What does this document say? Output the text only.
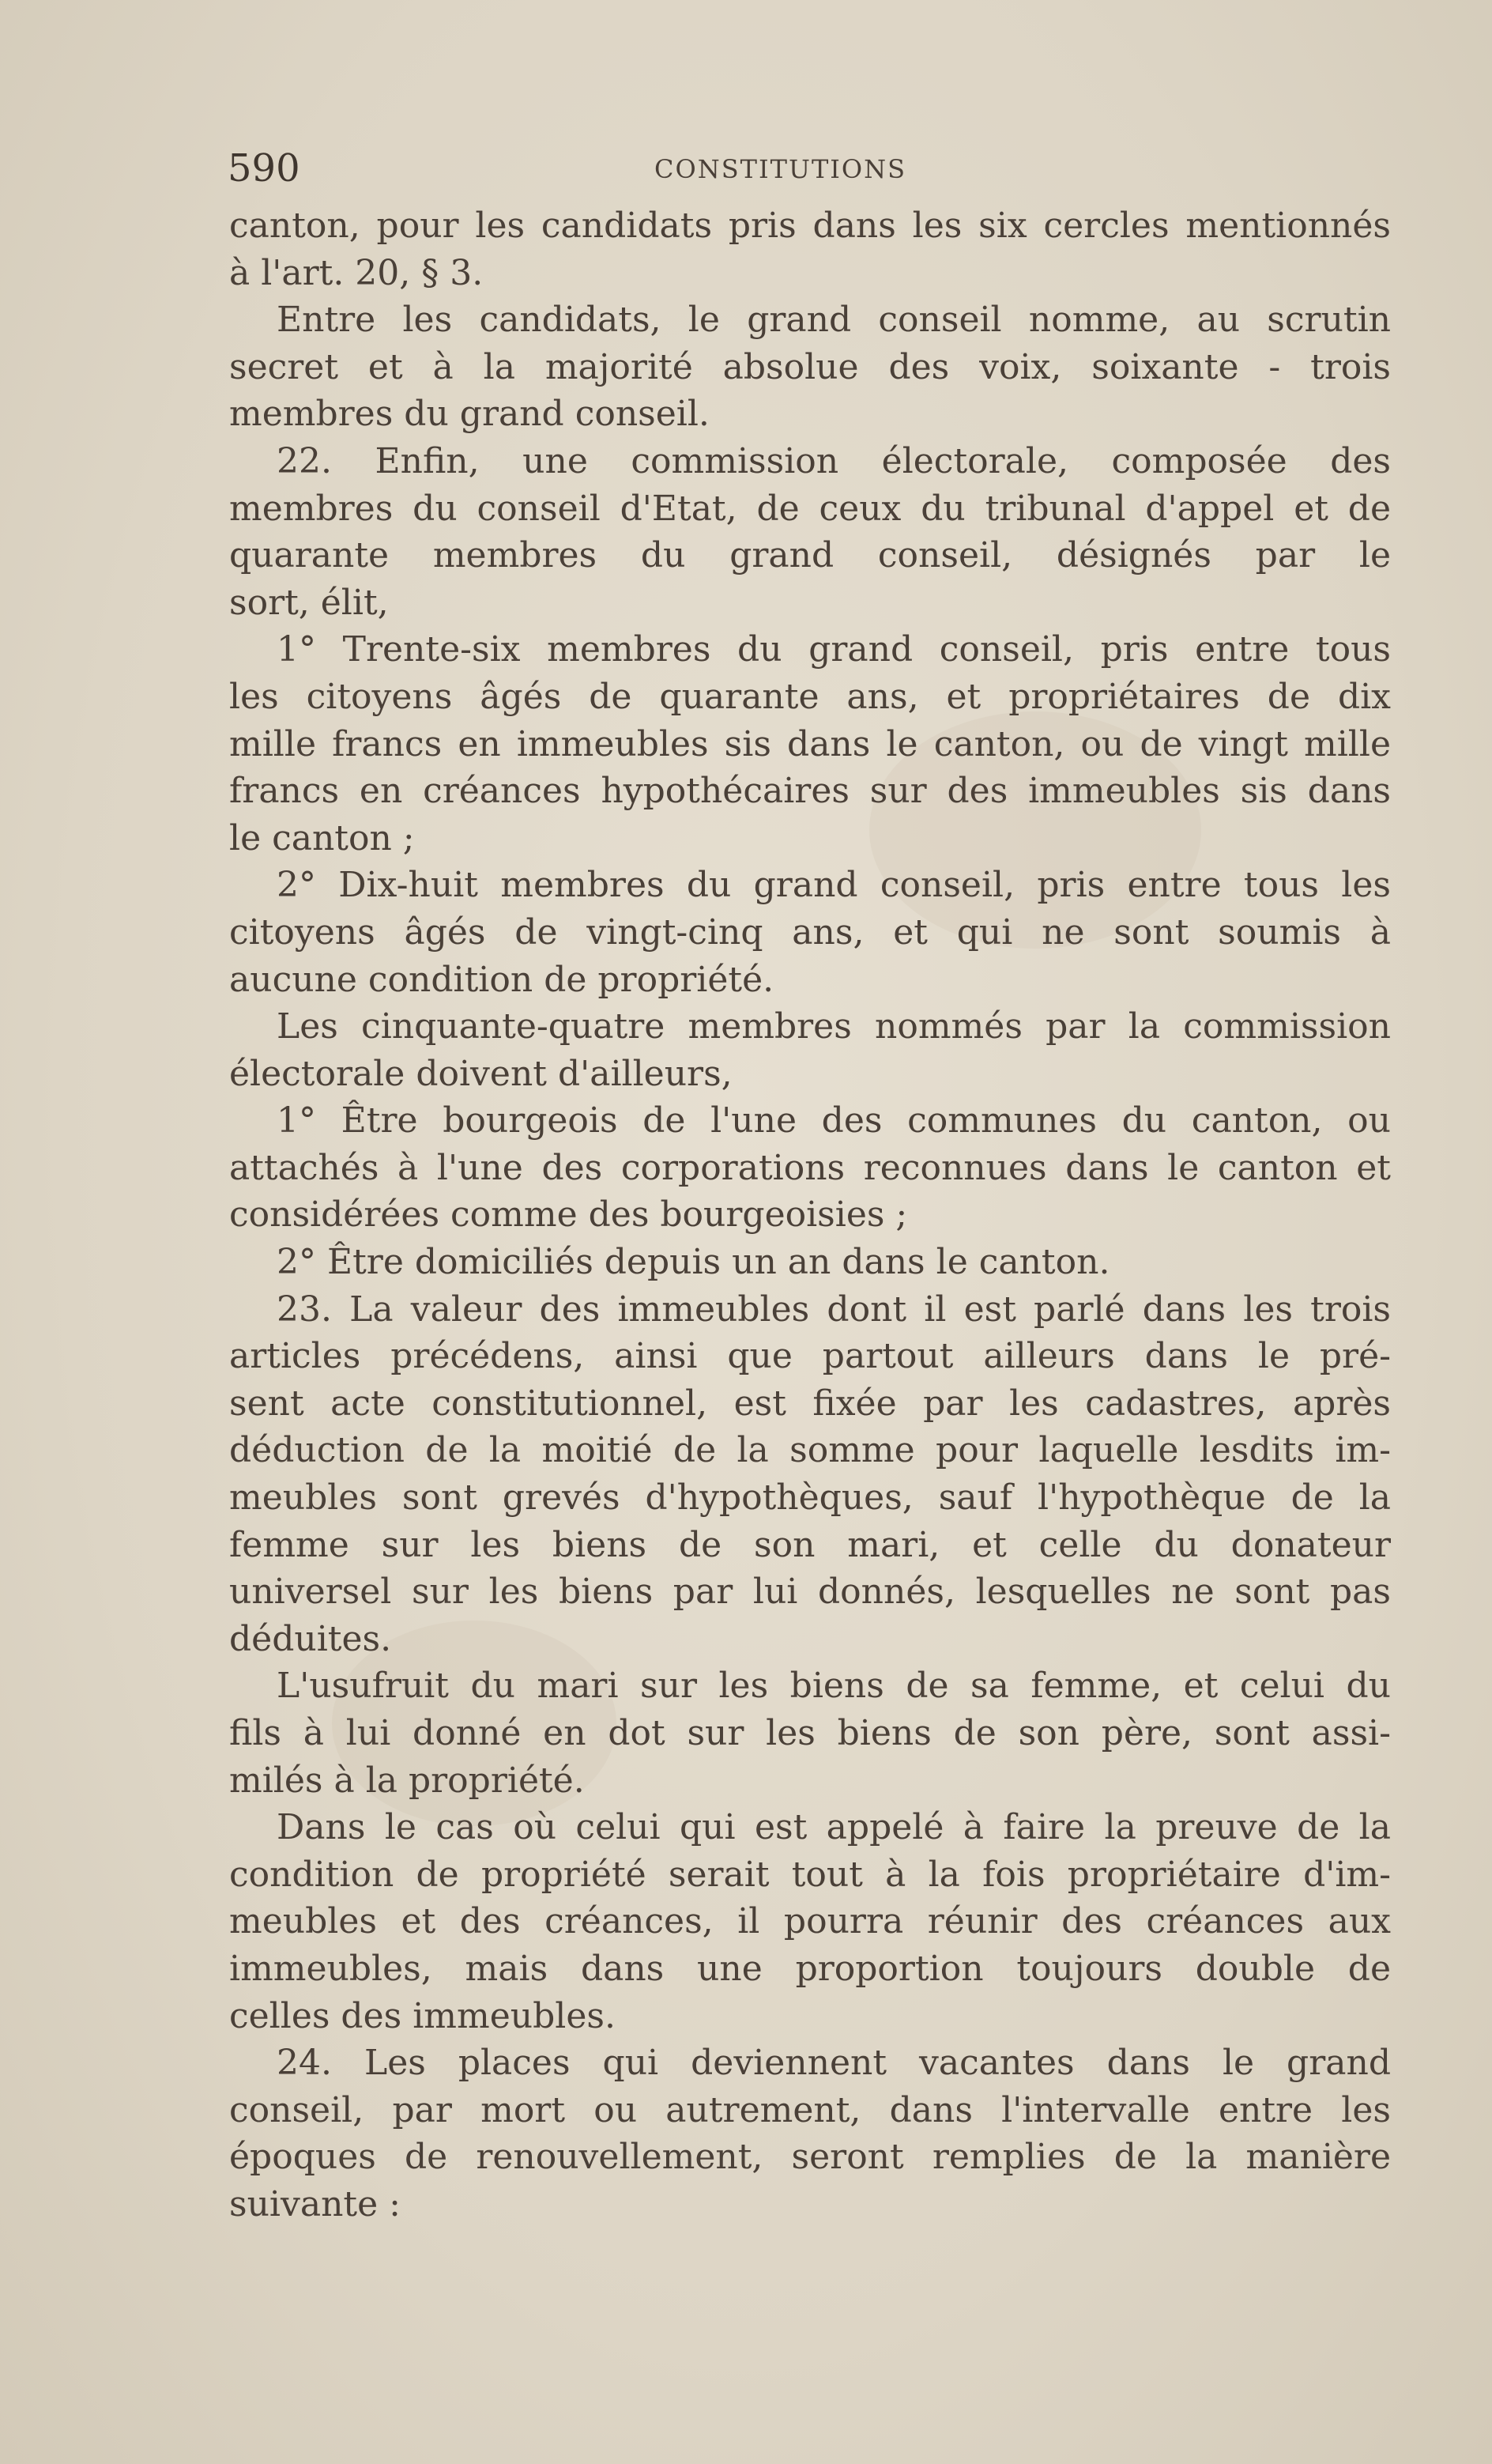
590	CONSTITUTIONS
canton, pour les candidats pris dans les six cercles mentionnés
à l'art. 20, § 3.
Entre les candidats, le grand conseil nomme, au scrutin
secret et à la majorité absolue des voix, soixante - trois
membres du grand conseil.
22. Enfin, une commission électorale, composée des
membres du conseil d'Etat, de ceux du tribunal d'appel et de
quarante membres du grand conseil, désignés par le
sort, élit,
1° Trente-six membres du grand conseil, pris entre tous
les citoyens âgés de quarante ans, et propriétaires de dix
mille francs en immeubles sis dans le canton, ou de vingt mille
francs en créances hypothécaires sur des immeubles sis dans
le canton ;
2° Dix-huit membres du grand conseil, pris entre tous les
citoyens âgés de vingt-cinq ans, et qui ne sont soumis à
aucune condition de propriété.
Les cinquante-quatre membres nommés par la commission
électorale doivent d'ailleurs,
1° Être bourgeois de l'une des communes du canton, ou
attachés à l'une des corporations reconnues dans le canton et
considérées comme des bourgeoisies ;
2° Être domiciliés depuis un an dans le canton.
23. La valeur des immeubles dont il est parlé dans les trois
articles précédens, ainsi que partout ailleurs dans le pré-
sent acte constitutionnel, est fixée par les cadastres, après
déduction de la moitié de la somme pour laquelle lesdits im-
meubles sont grevés d'hypothèques, sauf l'hypothèque de la
femme sur les biens de son mari, et celle du donateur
universel sur les biens par lui donnés, lesquelles ne sont pas
déduites.
L'usufruit du mari sur les biens de sa femme, et celui du
fils à lui donné en dot sur les biens de son père, sont assi-
milés à la propriété.
Dans le cas où celui qui est appelé à faire la preuve de la
condition de propriété serait tout à la fois propriétaire d'im-
meubles et des créances, il pourra réunir des créances aux
immeubles, mais dans une proportion toujours double de
celles des immeubles.
24. Les places qui deviennent vacantes dans le grand
conseil, par mort ou autrement, dans l'intervalle entre les
époques de renouvellement, seront remplies de la manière
suivante :
